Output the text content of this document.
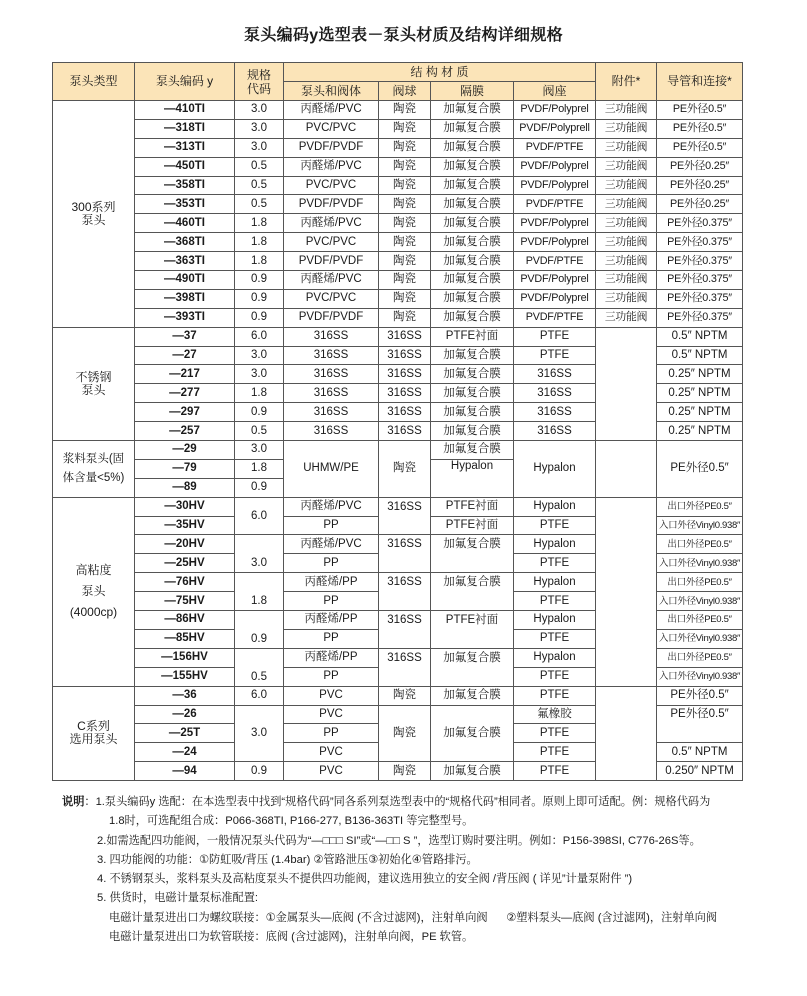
泵头编码y选型表－泵头材质及结构详细规格
泵头类型	泵头编码 y	规格
代码	结 构 材 质				附件*	导管和连接*
			泵头和阀体	阀球	隔膜	阀座		
300系列
泵头	—410TI	3.0	丙醛烯/PVC	陶瓷	加氟复合膜	PVDF/Polyprel	三功能阀	PE外径0.5″
	—318TI	3.0	PVC/PVC	陶瓷	加氟复合膜	PVDF/Polyprell	三功能阀	PE外径0.5″
	—313TI	3.0	PVDF/PVDF	陶瓷	加氟复合膜	PVDF/PTFE	三功能阀	PE外径0.5″
	—450TI	0.5	丙醛烯/PVC	陶瓷	加氟复合膜	PVDF/Polyprel	三功能阀	PE外径0.25″
	—358TI	0.5	PVC/PVC	陶瓷	加氟复合膜	PVDF/Polyprel	三功能阀	PE外径0.25″
	—353TI	0.5	PVDF/PVDF	陶瓷	加氟复合膜	PVDF/PTFE	三功能阀	PE外径0.25″
	—460TI	1.8	丙醛烯/PVC	陶瓷	加氟复合膜	PVDF/Polyprel	三功能阀	PE外径0.375″
	—368TI	1.8	PVC/PVC	陶瓷	加氟复合膜	PVDF/Polyprel	三功能阀	PE外径0.375″
	—363TI	1.8	PVDF/PVDF	陶瓷	加氟复合膜	PVDF/PTFE	三功能阀	PE外径0.375″
	—490TI	0.9	丙醛烯/PVC	陶瓷	加氟复合膜	PVDF/Polyprel	三功能阀	PE外径0.375″
	—398TI	0.9	PVC/PVC	陶瓷	加氟复合膜	PVDF/Polyprel	三功能阀	PE外径0.375″
	—393TI	0.9	PVDF/PVDF	陶瓷	加氟复合膜	PVDF/PTFE	三功能阀	PE外径0.375″
不锈钢
泵头	—37	6.0	316SS	316SS	PTFE衬面	PTFE		0.5″ NPTM
	—27	3.0	316SS	316SS	加氟复合膜	PTFE		0.5″ NPTM
	—217	3.0	316SS	316SS	加氟复合膜	316SS		0.25″ NPTM
	—277	1.8	316SS	316SS	加氟复合膜	316SS		0.25″ NPTM
	—297	0.9	316SS	316SS	加氟复合膜	316SS		0.25″ NPTM
	—257	0.5	316SS	316SS	加氟复合膜	316SS		0.25″ NPTM
浆料泵头(固
体含量<5%)	—29	3.0	UHMW/PE	陶瓷	加氟复合膜	Hypalon		PE外径0.5″
	—79	1.8			Hypalon			
	—89	0.9						
高粘度
泵头
(4000cp)	—30HV	6.0	丙醛烯/PVC	316SS	PTFE衬面	Hypalon		出口外径PE0.5″
	—35HV		PP		PTFE衬面	PTFE		入口外径Vinyl0.938″
	—20HV	3.0	丙醛烯/PVC	316SS	加氟复合膜	Hypalon		出口外径PE0.5″
	—25HV		PP			PTFE		入口外径Vinyl0.938″
	—76HV	1.8	丙醛烯/PP	316SS	加氟复合膜	Hypalon		出口外径PE0.5″
	—75HV		PP			PTFE		入口外径Vinyl0.938″
	—86HV	0.9	丙醛烯/PP	316SS	PTFE衬面	Hypalon		出口外径PE0.5″
	—85HV		PP			PTFE		入口外径Vinyl0.938″
	—156HV	0.5	丙醛烯/PP	316SS	加氟复合膜	Hypalon		出口外径PE0.5″
	—155HV		PP			PTFE		入口外径Vinyl0.938″
C系列
选用泵头	—36	6.0	PVC	陶瓷	加氟复合膜	PTFE		PE外径0.5″
	—26	3.0	PVC	陶瓷	加氟复合膜	氟橡胶		PE外径0.5″
	—25T		PP			PTFE		
	—24		PVC			PTFE		0.5″ NPTM
	—94	0.9	PVC	陶瓷	加氟复合膜	PTFE		0.250″ NPTM
说明：1.泵头编码y 选配：在本选型表中找到“规格代码”同各系列泵选型表中的“规格代码”相同者。原则上即可适配。例：规格代码为
1.8时，可选配组合成：P066-368TI, P166-277, B136-363TI 等完整型号。
2.如需选配四功能阀，一般情况泵头代码为“—□□□ SI”或“—□□ S ”，选型订购时要注明。例如：P156-398SI, C776-26S等。
3. 四功能阀的功能：①防虹吸/背压 (1.4bar) ②管路泄压③初始化④管路排污。
4. 不锈钢泵头，浆料泵头及高粘度泵头不提供四功能阀，建议选用独立的安全阀 /背压阀 ( 详见”计量泵附件 ”)
5. 供货时，电磁计量泵标准配置:
电磁计量泵进出口为螺纹联接：①金属泵头—底阀 (不含过滤网)，注射单向阀      ②塑料泵头—底阀 (含过滤网)，注射单向阀
电磁计量泵进出口为软管联接：底阀 (含过滤网)，注射单向阀，PE 软管。
